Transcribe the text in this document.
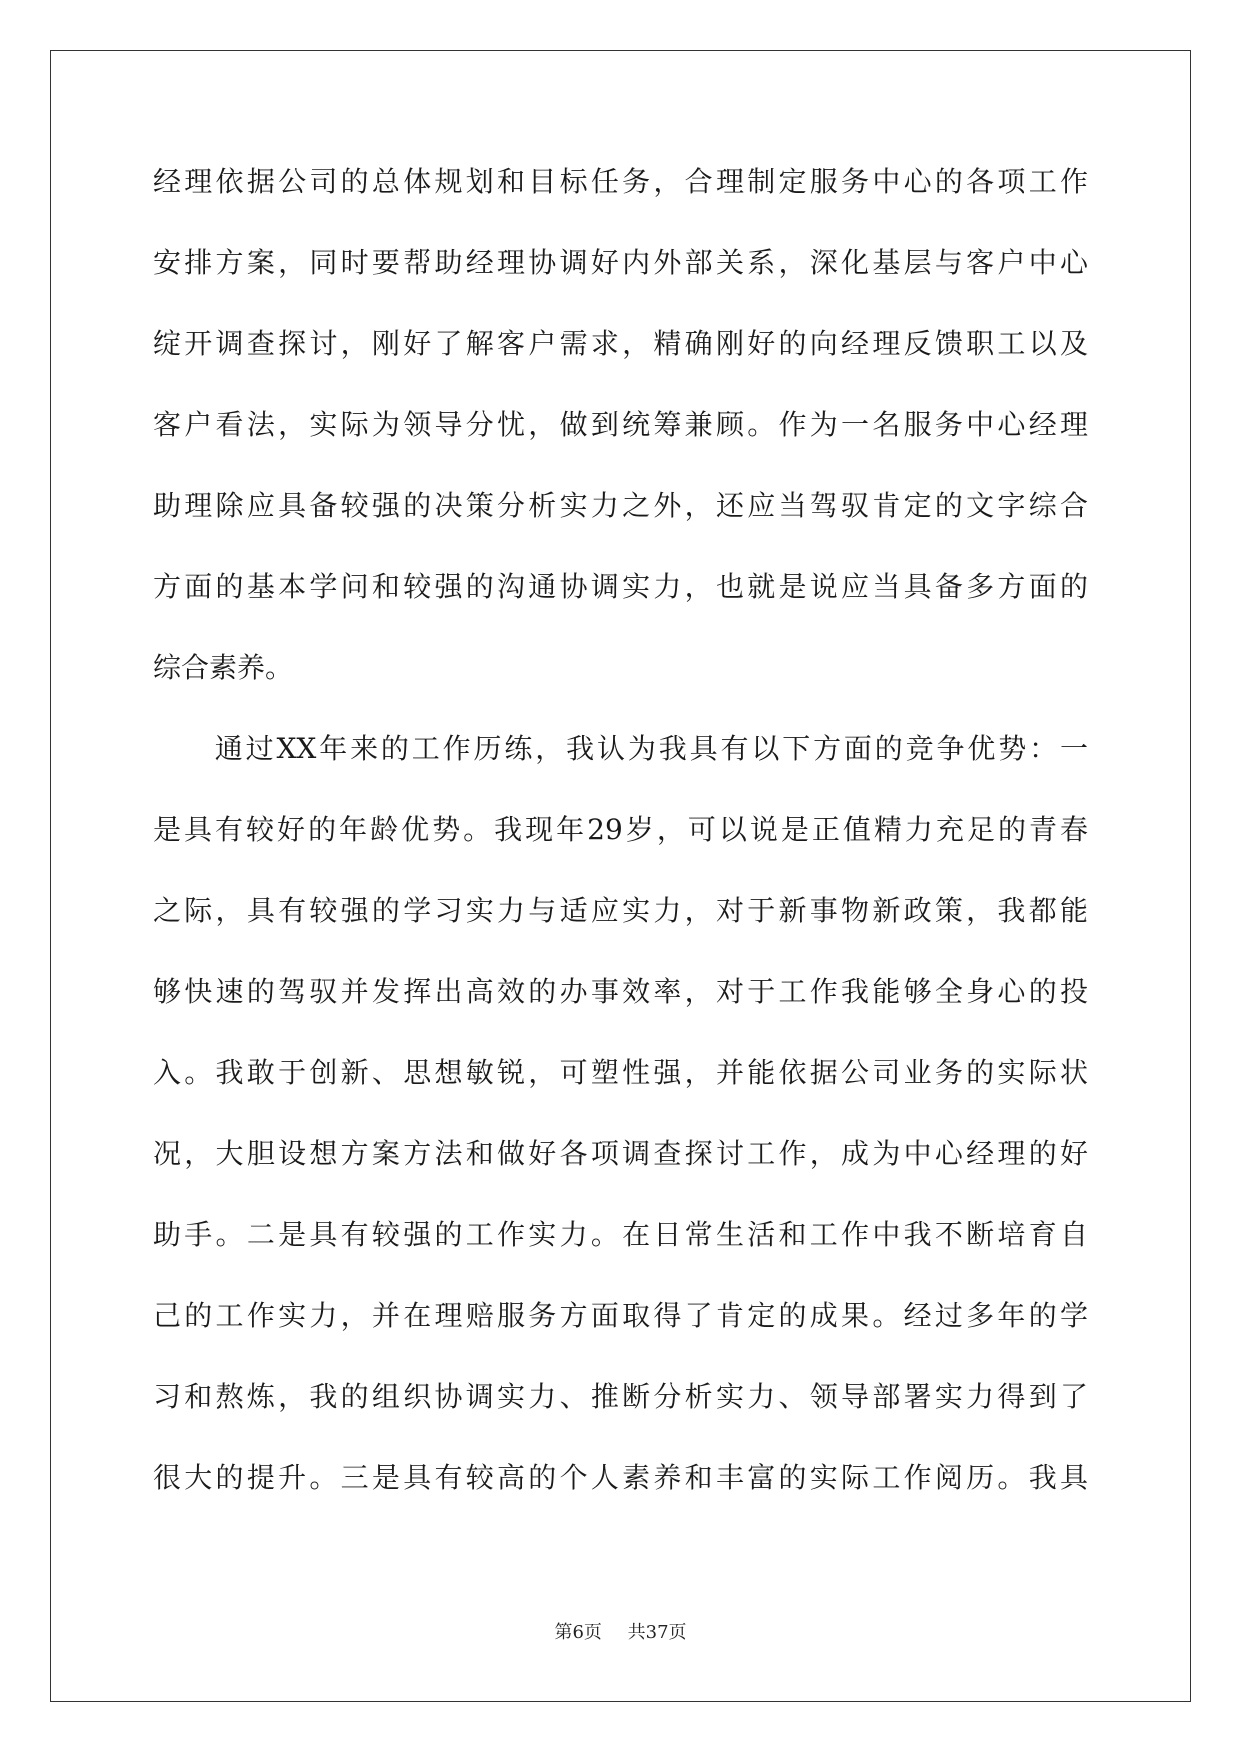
经理依据公司的总体规划和目标任务，合理制定服务中心的各项工作
安排方案，同时要帮助经理协调好内外部关系，深化基层与客户中心
绽开调查探讨，刚好了解客户需求，精确刚好的向经理反馈职工以及
客户看法，实际为领导分忧，做到统筹兼顾。作为一名服务中心经理
助理除应具备较强的决策分析实力之外，还应当驾驭肯定的文字综合
方面的基本学问和较强的沟通协调实力，也就是说应当具备多方面的
综合素养。
　　通过XX年来的工作历练，我认为我具有以下方面的竞争优势：一
是具有较好的年龄优势。我现年29岁，可以说是正值精力充足的青春
之际，具有较强的学习实力与适应实力，对于新事物新政策，我都能
够快速的驾驭并发挥出高效的办事效率，对于工作我能够全身心的投
入。我敢于创新、思想敏锐，可塑性强，并能依据公司业务的实际状
况，大胆设想方案方法和做好各项调查探讨工作，成为中心经理的好
助手。二是具有较强的工作实力。在日常生活和工作中我不断培育自
己的工作实力，并在理赔服务方面取得了肯定的成果。经过多年的学
习和熬炼，我的组织协调实力、推断分析实力、领导部署实力得到了
很大的提升。三是具有较高的个人素养和丰富的实际工作阅历。我具
第6页 共37页
